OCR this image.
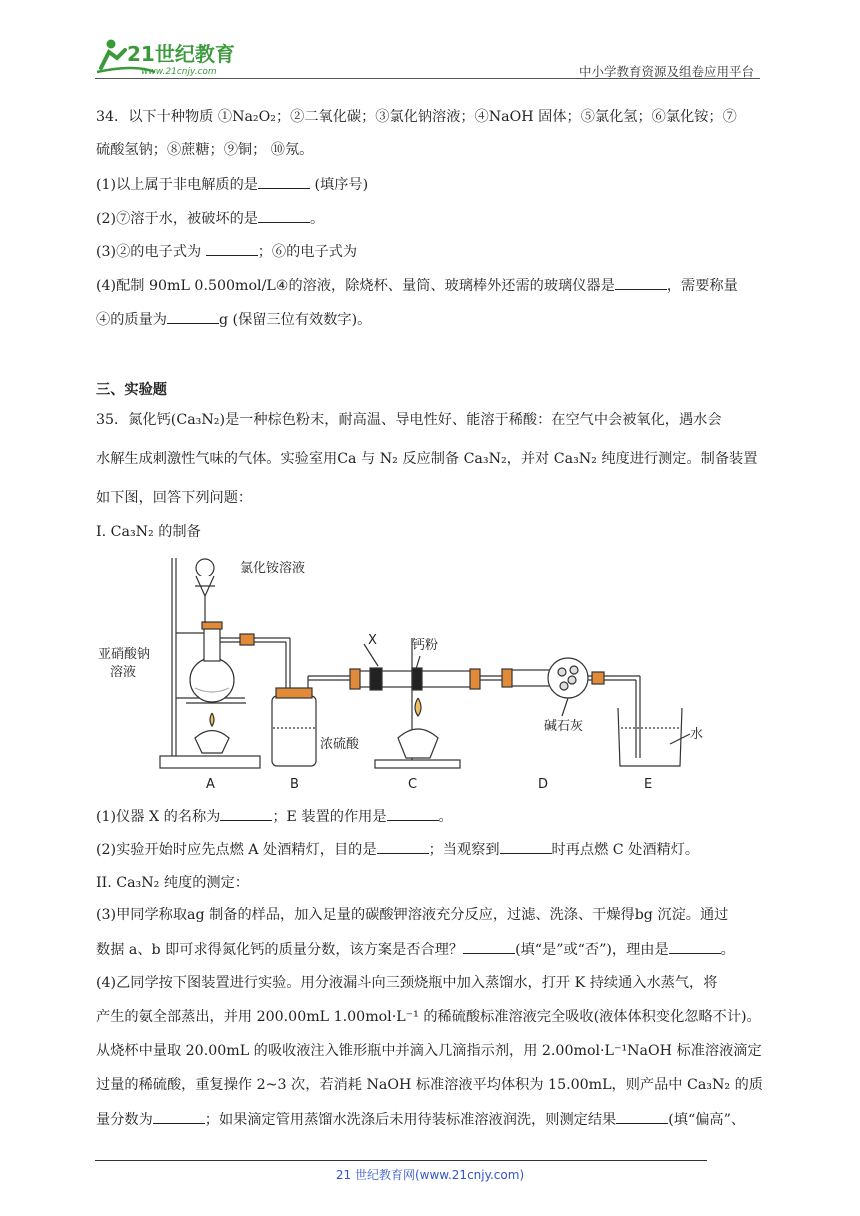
21世纪教育
www.21cnjy.com	中小学教育资源及组卷应用平台
34．以下十种物质 ①Na₂O₂；②二氧化碳；③氯化钠溶液；④NaOH 固体；⑤氯化氢；⑥氯化铵；⑦
硫酸氢钠；⑧蔗糖；⑨铜； ⑩氖。
(1)以上属于非电解质的是	(填序号)
(2)⑦溶于水，被破坏的是	。
(3)②的电子式为	；⑥的电子式为
(4)配制 90mL 0.500mol/L④的溶液，除烧杯、量筒、玻璃棒外还需的玻璃仪器是	，需要称量
④的质量为	g (保留三位有效数字)。
三、实验题
35．氮化钙(Ca₃N₂)是一种棕色粉末，耐高温、导电性好、能溶于稀酸：在空气中会被氧化，遇水会
水解生成刺激性气味的气体。实验室用Ca 与 N₂ 反应制备 Ca₃N₂，并对 Ca₃N₂ 纯度进行测定。制备装置
如下图，回答下列问题：
I. Ca₃N₂ 的制备
氯化铵溶液
亚硝酸钠
溶液
X	钙粉
浓硫酸
碱石灰
水
A	B	C	D	E
(1)仪器 X 的名称为	；E 装置的作用是	。
(2)实验开始时应先点燃 A 处酒精灯，目的是	；当观察到	时再点燃 C 处酒精灯。
II. Ca₃N₂ 纯度的测定：
(3)甲同学称取ag 制备的样品，加入足量的碳酸钾溶液充分反应，过滤、洗涤、干燥得bg 沉淀。通过
数据 a、b 即可求得氮化钙的质量分数，该方案是否合理？	(填“是”或“否”)，理由是	。
(4)乙同学按下图装置进行实验。用分液漏斗向三颈烧瓶中加入蒸馏水，打开 K 持续通入水蒸气，将
产生的氨全部蒸出，并用 200.00mL 1.00mol·L⁻¹ 的稀硫酸标准溶液完全吸收(液体体积变化忽略不计)。
从烧杯中量取 20.00mL 的吸收液注入锥形瓶中并滴入几滴指示剂，用 2.00mol·L⁻¹NaOH 标准溶液滴定
过量的稀硫酸，重复操作 2~3 次，若消耗 NaOH 标准溶液平均体积为 15.00mL，则产品中 Ca₃N₂ 的质
量分数为	；如果滴定管用蒸馏水洗涤后未用待装标准溶液润洗，则测定结果	(填“偏高”、
21 世纪教育网(www.21cnjy.com)
